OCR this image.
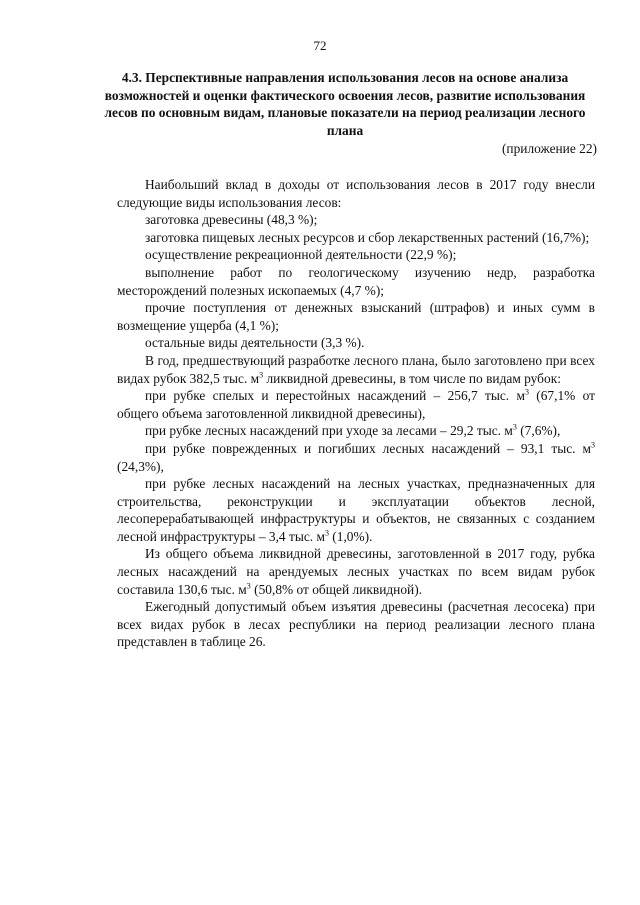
72
4.3. Перспективные направления использования лесов на основе анализа возможностей и оценки фактического освоения лесов, развитие использования лесов по основным видам, плановые показатели на период реализации лесного плана
(приложение 22)

Наибольший вклад в доходы от использования лесов в 2017 году внесли следующие виды использования лесов:

заготовка древесины (48,3 %);

заготовка пищевых лесных ресурсов и сбор лекарственных растений (16,7%);

осуществление рекреационной деятельности (22,9 %);

выполнение работ по геологическому изучению недр, разработка месторождений полезных ископаемых (4,7 %);

прочие поступления от денежных взысканий (штрафов) и иных сумм в возмещение ущерба (4,1 %);

остальные виды деятельности (3,3 %).

В год, предшествующий разработке лесного плана, было заготовлено при всех видах рубок 382,5 тыс. $м^3$ ликвидной древесины, в том числе по видам рубок:

при рубке спелых и перестойных насаждений – 256,7 тыс. $м^3$ (67,1% от общего объема заготовленной ликвидной древесины),

при рубке лесных насаждений при уходе за лесами – 29,2 тыс. $м^3$ (7,6%),

при рубке поврежденных и погибших лесных насаждений – 93,1 тыс. $м^3$ (24,3%),

при рубке лесных насаждений на лесных участках, предназначенных для строительства, реконструкции и эксплуатации объектов лесной, лесоперерабатывающей инфраструктуры и объектов, не связанных с созданием лесной инфраструктуры – 3,4 тыс. $м^3$ (1,0%).

Из общего объема ликвидной древесины, заготовленной в 2017 году, рубка лесных насаждений на арендуемых лесных участках по всем видам рубок составила 130,6 тыс. $м^3$ (50,8% от общей ликвидной).

Ежегодный допустимый объем изъятия древесины (расчетная лесосека) при всех видах рубок в лесах республики на период реализации лесного плана представлен в таблице 26.
